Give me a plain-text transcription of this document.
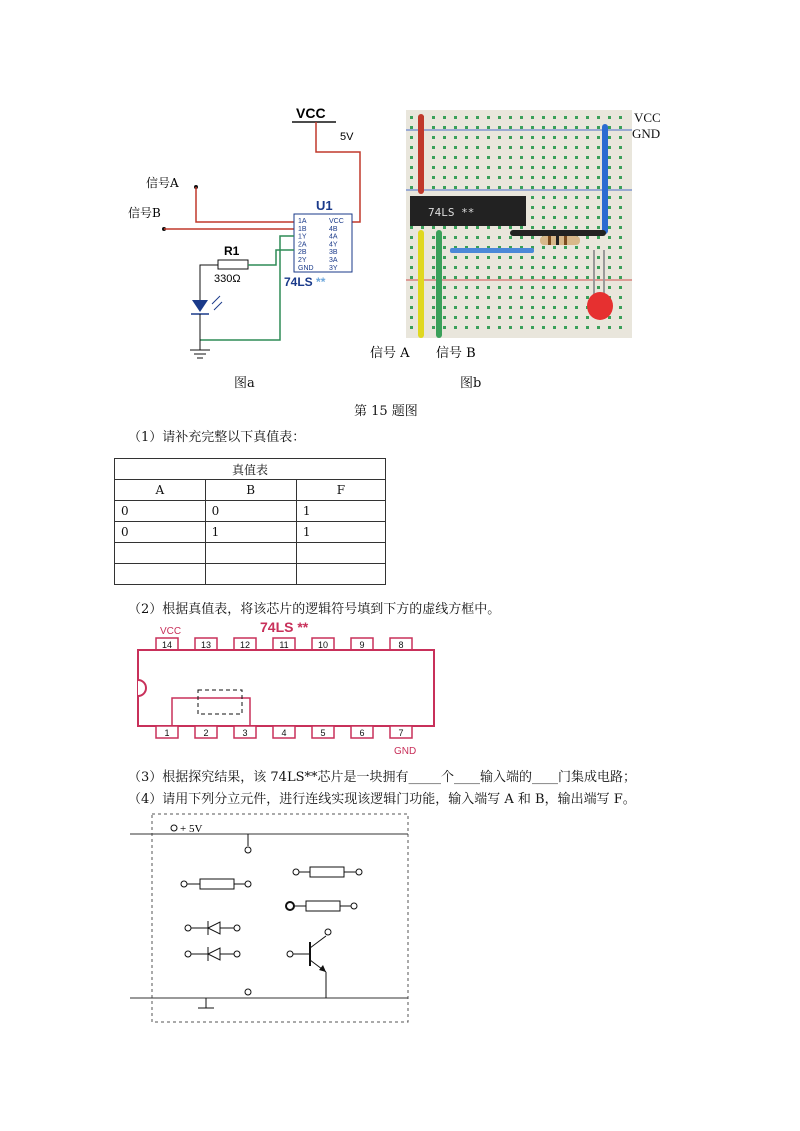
VCC
5V
信号A
信号B	U1
1A
1B
1Y
2A
2B
2Y
GND
VCC
4B
4A
4Y
3B
3A
3Y
74LS **
R1
330Ω
图a
74LS **
VCC
GND
信号 A 信号 B
图b
第 15 题图
（1）请补充完整以下真值表：
真值表		
A	B	F
0	0	1
0	1	1

（2）根据真值表，将该芯片的逻辑符号填到下方的虚线方框中。
VCC	74LS **
14	13	12	11	10	9	8
1	2	3	4	5	6	7
GND
（3）根据探究结果，该 74LS**芯片是一块拥有_____个____输入端的____门集成电路；
（4）请用下列分立元件，进行连线实现该逻辑门功能，输入端写 A 和 B，输出端写 F。
+ 5V
